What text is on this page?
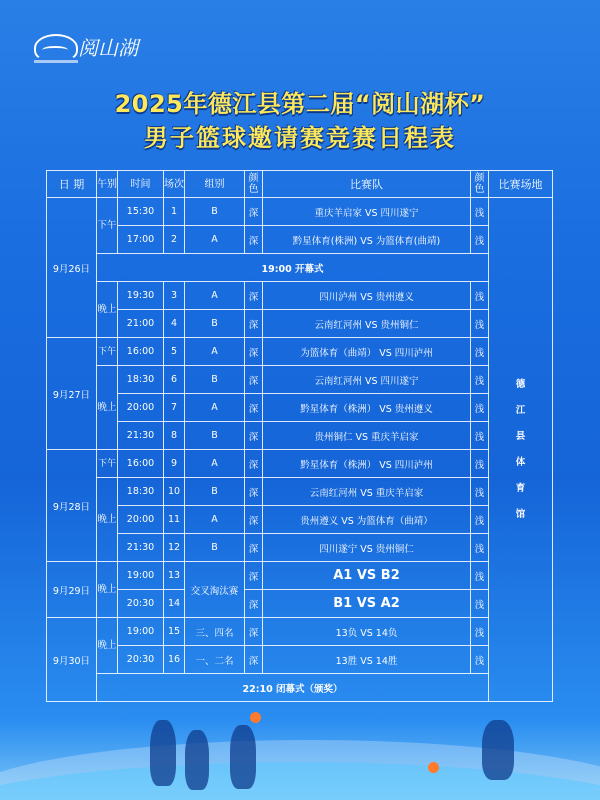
阅山湖
2025年德江县第二届“阅山湖杯”
男子篮球邀请赛竞赛日程表
日 期	午别	时间	场次	组别	颜色	比赛队	颜色	比赛场地
9月26日	下午	15:30	1	B	深	重庆羊启家 VS 四川遂宁	浅	德江县体育馆
		17:00	2	A	深	黔星体育(株洲) VS 为篮体育(曲靖)	浅	
	19:00 开幕式							
	晚上	19:30	3	A	深	四川泸州 VS 贵州遵义	浅	
		21:00	4	B	深	云南红河州 VS 贵州铜仁	浅	
9月27日	下午	16:00	5	A	深	为篮体育（曲靖） VS 四川泸州	浅	
	晚上	18:30	6	B	深	云南红河州 VS 四川遂宁	浅	
		20:00	7	A	深	黔星体育（株洲） VS 贵州遵义	浅	
		21:30	8	B	深	贵州铜仁 VS 重庆羊启家	浅	
9月28日	下午	16:00	9	A	深	黔星体育（株洲） VS 四川泸州	浅	
	晚上	18:30	10	B	深	云南红河州 VS 重庆羊启家	浅	
		20:00	11	A	深	贵州遵义 VS 为篮体育（曲靖）	浅	
		21:30	12	B	深	四川遂宁 VS 贵州铜仁	浅	
9月29日	晚上	19:00	13	交叉淘汰赛	深	A1 VS B2	浅	
		20:30	14		深	B1 VS A2	浅	
9月30日	晚上	19:00	15	三、四名	深	13负 VS 14负	浅	
		20:30	16	一、二名	深	13胜 VS 14胜	浅	
	22:10 闭幕式（颁奖）							
